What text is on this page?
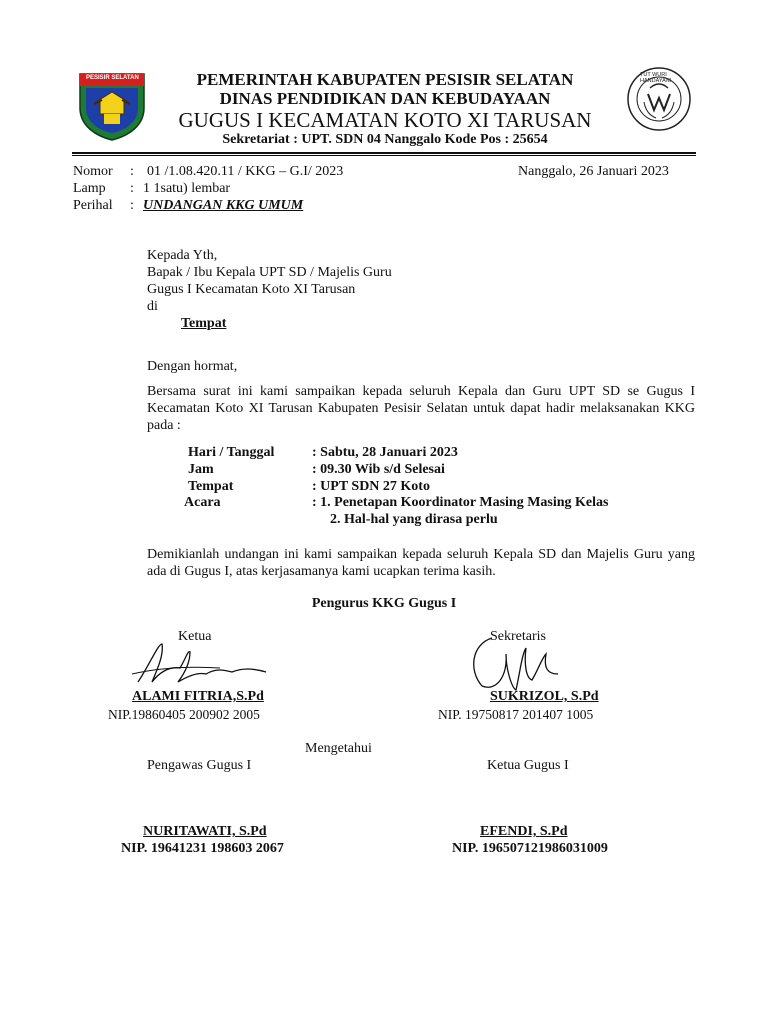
PESISIR SELATAN	TUT WURI HANDAYANI
PEMERINTAH KABUPATEN PESISIR SELATAN
DINAS PENDIDIKAN DAN KEBUDAYAAN
GUGUS I KECAMATAN KOTO XI TARUSAN
Sekretariat : UPT. SDN 04 Nanggalo Kode Pos : 25654
Nomor : 01 /1.08.420.11 / KKG – G.I/ 2023	Nanggalo, 26 Januari 2023
Lamp : 1 1satu) lembar
Perihal : UNDANGAN KKG UMUM
Kepada Yth,
Bapak / Ibu Kepala UPT SD / Majelis Guru
Gugus I Kecamatan Koto XI Tarusan
di
Tempat
Dengan hormat,
Bersama surat ini kami sampaikan kepada seluruh Kepala dan Guru UPT SD se Gugus I Kecamatan Koto XI Tarusan Kabupaten Pesisir Selatan untuk dapat hadir melaksanakan KKG pada :
Hari / Tanggal	: Sabtu, 28 Januari 2023
Jam	: 09.30 Wib s/d Selesai
Tempat	: UPT SDN 27 Koto
Acara	: 1. Penetapan Koordinator Masing Masing Kelas
2. Hal-hal yang dirasa perlu
Demikianlah undangan ini kami sampaikan kepada seluruh Kepala SD dan Majelis Guru yang ada di Gugus I, atas kerjasamanya kami ucapkan terima kasih.
Pengurus KKG Gugus I
Ketua	Sekretaris
ALAMI FITRIA,S.Pd	SUKRIZOL, S.Pd
NIP.19860405 200902 2005	NIP. 19750817 201407 1005
Mengetahui
Pengawas Gugus I	Ketua Gugus I
NURITAWATI, S.Pd	EFENDI, S.Pd
NIP. 19641231 198603 2067	NIP. 196507121986031009
